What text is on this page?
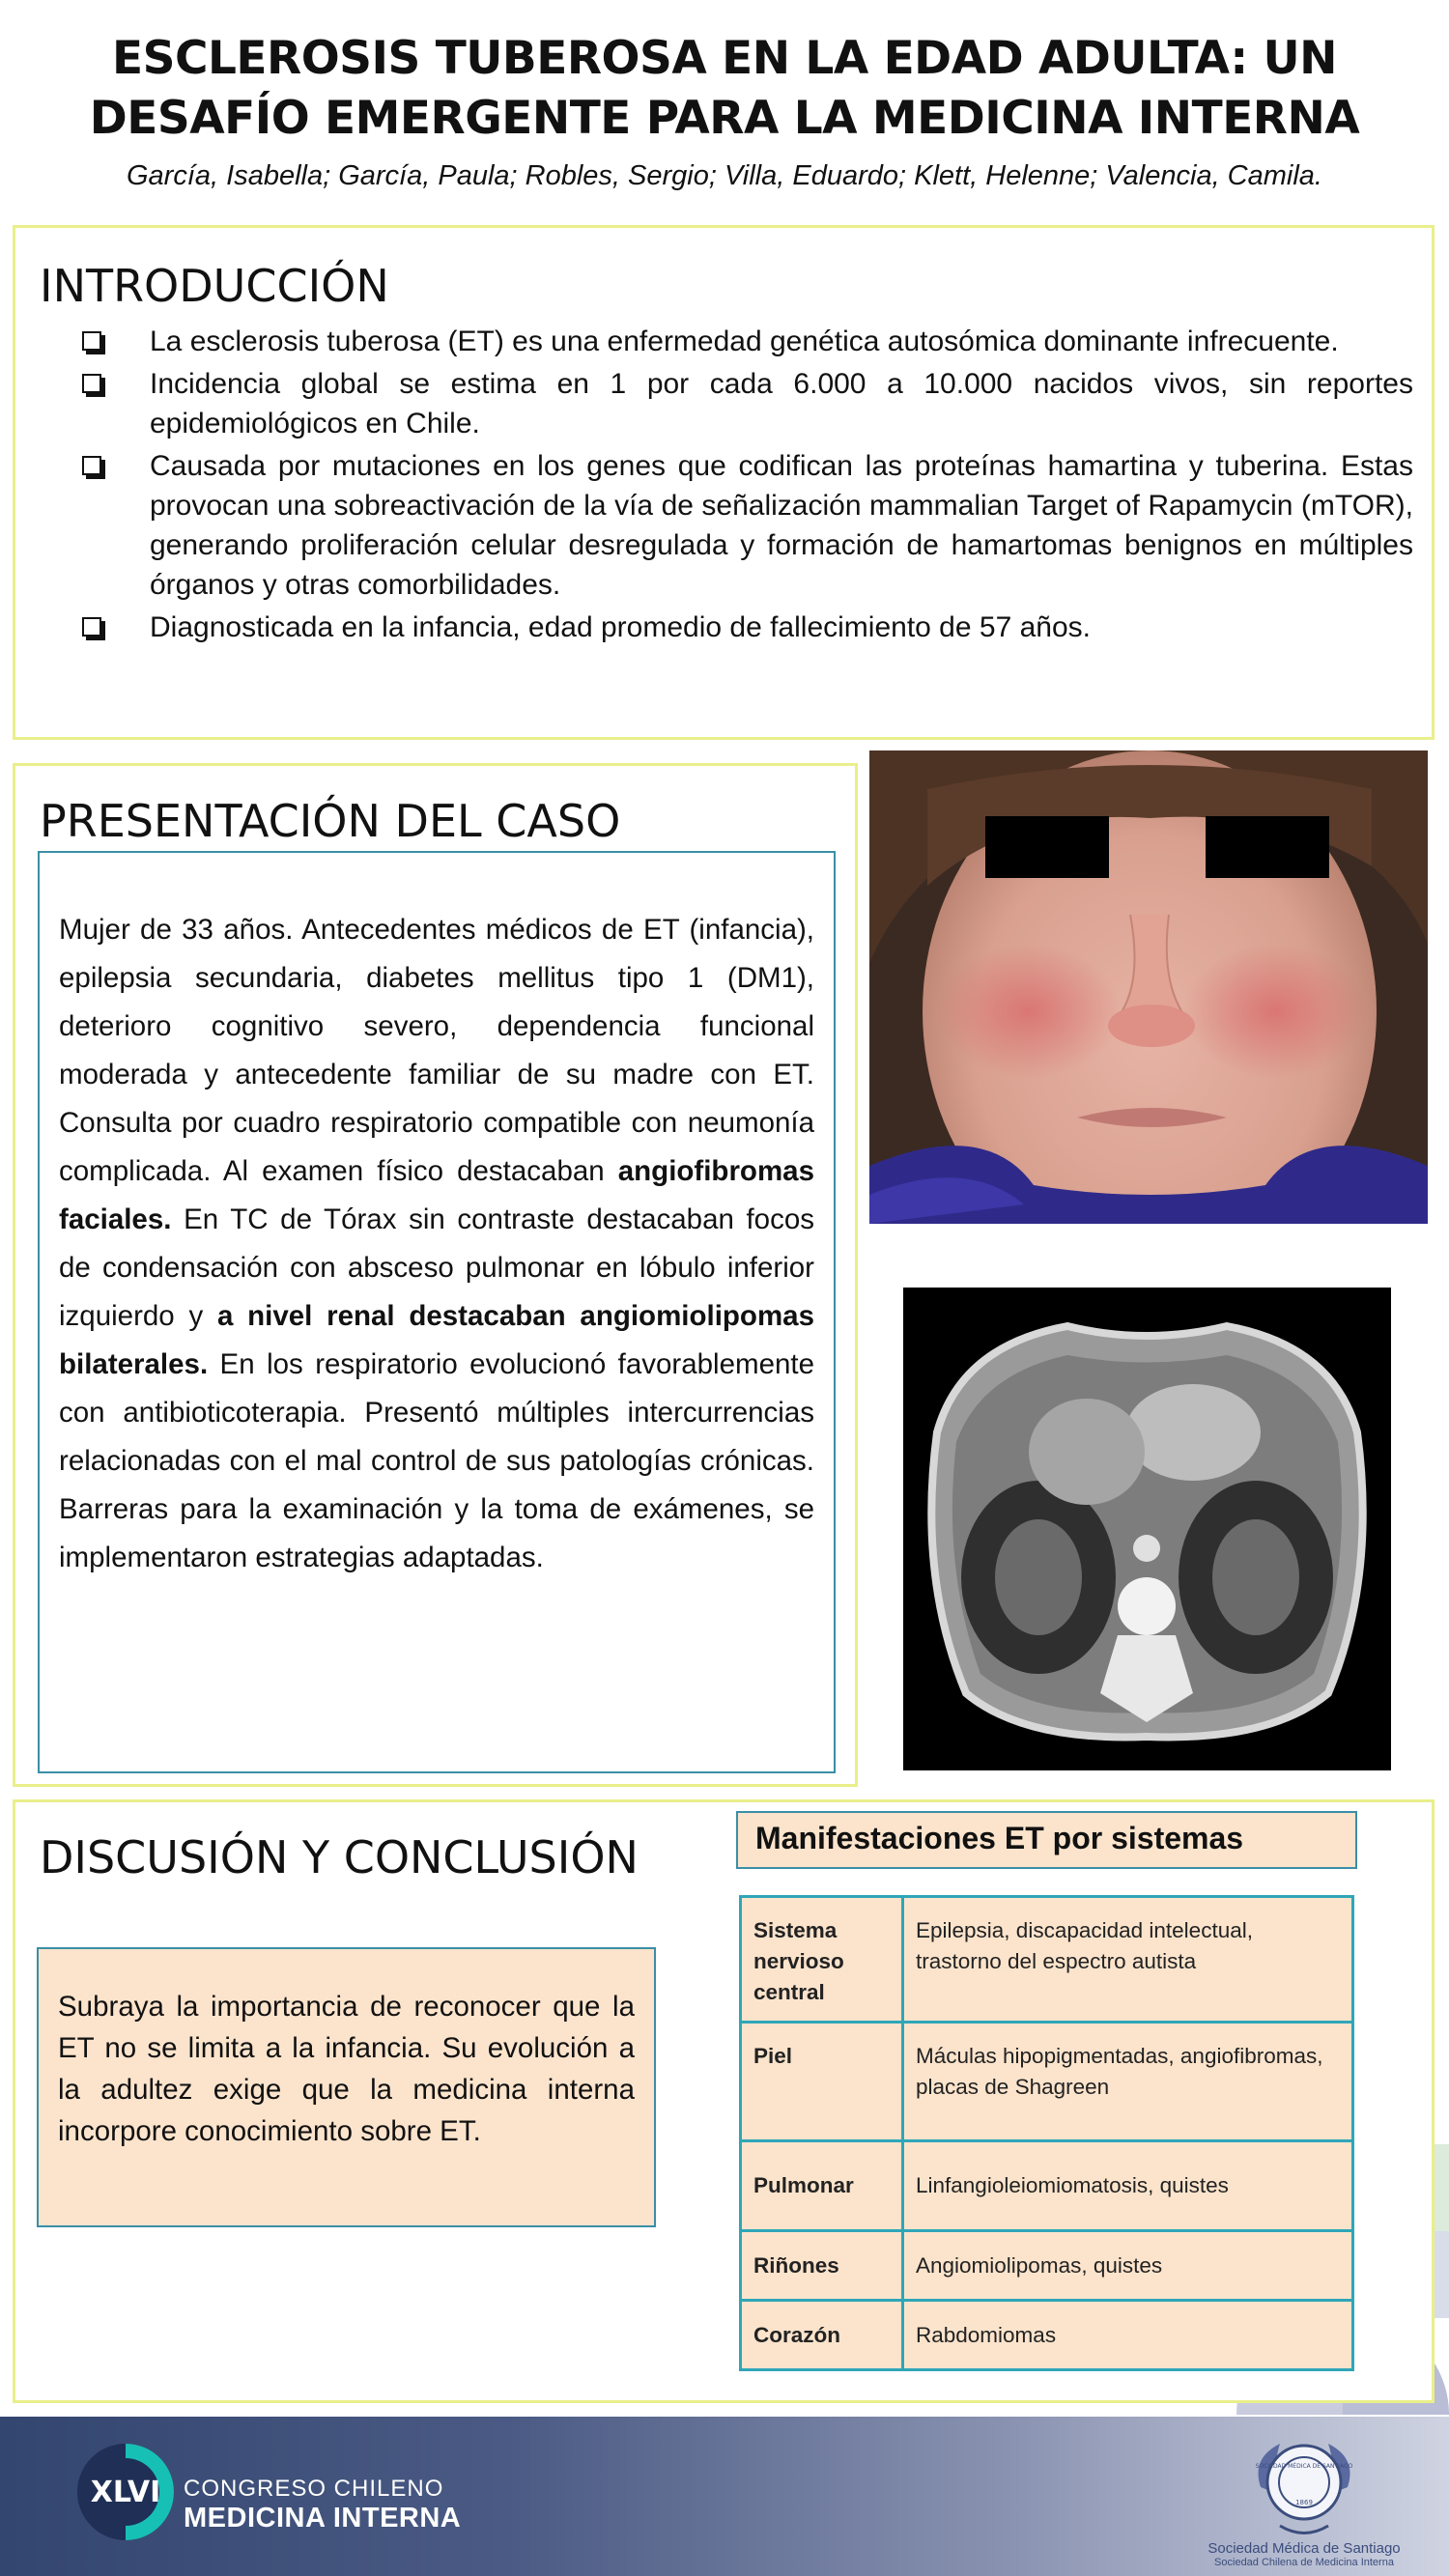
ESCLEROSIS TUBEROSA EN LA EDAD ADULTA: UN
DESAFÍO EMERGENTE PARA LA MEDICINA INTERNA
García, Isabella; García, Paula; Robles, Sergio; Villa, Eduardo; Klett, Helenne; Valencia, Camila.
INTRODUCCIÓN
La esclerosis tuberosa (ET) es una enfermedad genética autosómica dominante infrecuente.
Incidencia global se estima en 1 por cada 6.000 a 10.000 nacidos vivos, sin reportes epidemiológicos en Chile.
Causada por mutaciones en los genes que codifican las proteínas hamartina y tuberina. Estas provocan una sobreactivación de la vía de señalización mammalian Target of Rapamycin (mTOR), generando proliferación celular desregulada y formación de hamartomas benignos en múltiples órganos y otras comorbilidades.
Diagnosticada en la infancia, edad promedio de fallecimiento de 57 años.
PRESENTACIÓN DEL CASO

Mujer de 33 años. Antecedentes médicos de ET (infancia), epilepsia secundaria, diabetes mellitus tipo 1 (DM1), deterioro cognitivo severo, dependencia funcional moderada y antecedente familiar de su madre con ET. Consulta por cuadro respiratorio compatible con neumonía complicada. Al examen físico destacaban angiofibromas faciales. En TC de Tórax sin contraste destacaban focos de condensación con absceso pulmonar en lóbulo inferior izquierdo y a nivel renal destacaban angiomiolipomas bilaterales. En los respiratorio evolucionó favorablemente con antibioticoterapia. Presentó múltiples intercurrencias relacionadas con el mal control de sus patologías crónicas. Barreras para la examinación y la toma de exámenes, se implementaron estrategias adaptadas.

DISCUSIÓN Y CONCLUSIÓN

Subraya la importancia de reconocer que la ET no se limita a la infancia. Su evolución a la adultez exige que la medicina interna incorpore conocimiento sobre ET.

Manifestaciones ET por sistemas
Sistema nervioso central	Epilepsia, discapacidad intelectual, trastorno del espectro autista
Piel	Máculas hipopigmentadas, angiofibromas, placas de Shagreen
Pulmonar	Linfangioleiomiomatosis, quistes
Riñones	Angiomiolipomas, quistes
Corazón	Rabdomiomas
XLVI CONGRESO CHILENO
MEDICINA INTERNA
SOCIEDAD MÉDICA DE SANTIAGO
1869
Sociedad Médica de Santiago
Sociedad Chilena de Medicina Interna
